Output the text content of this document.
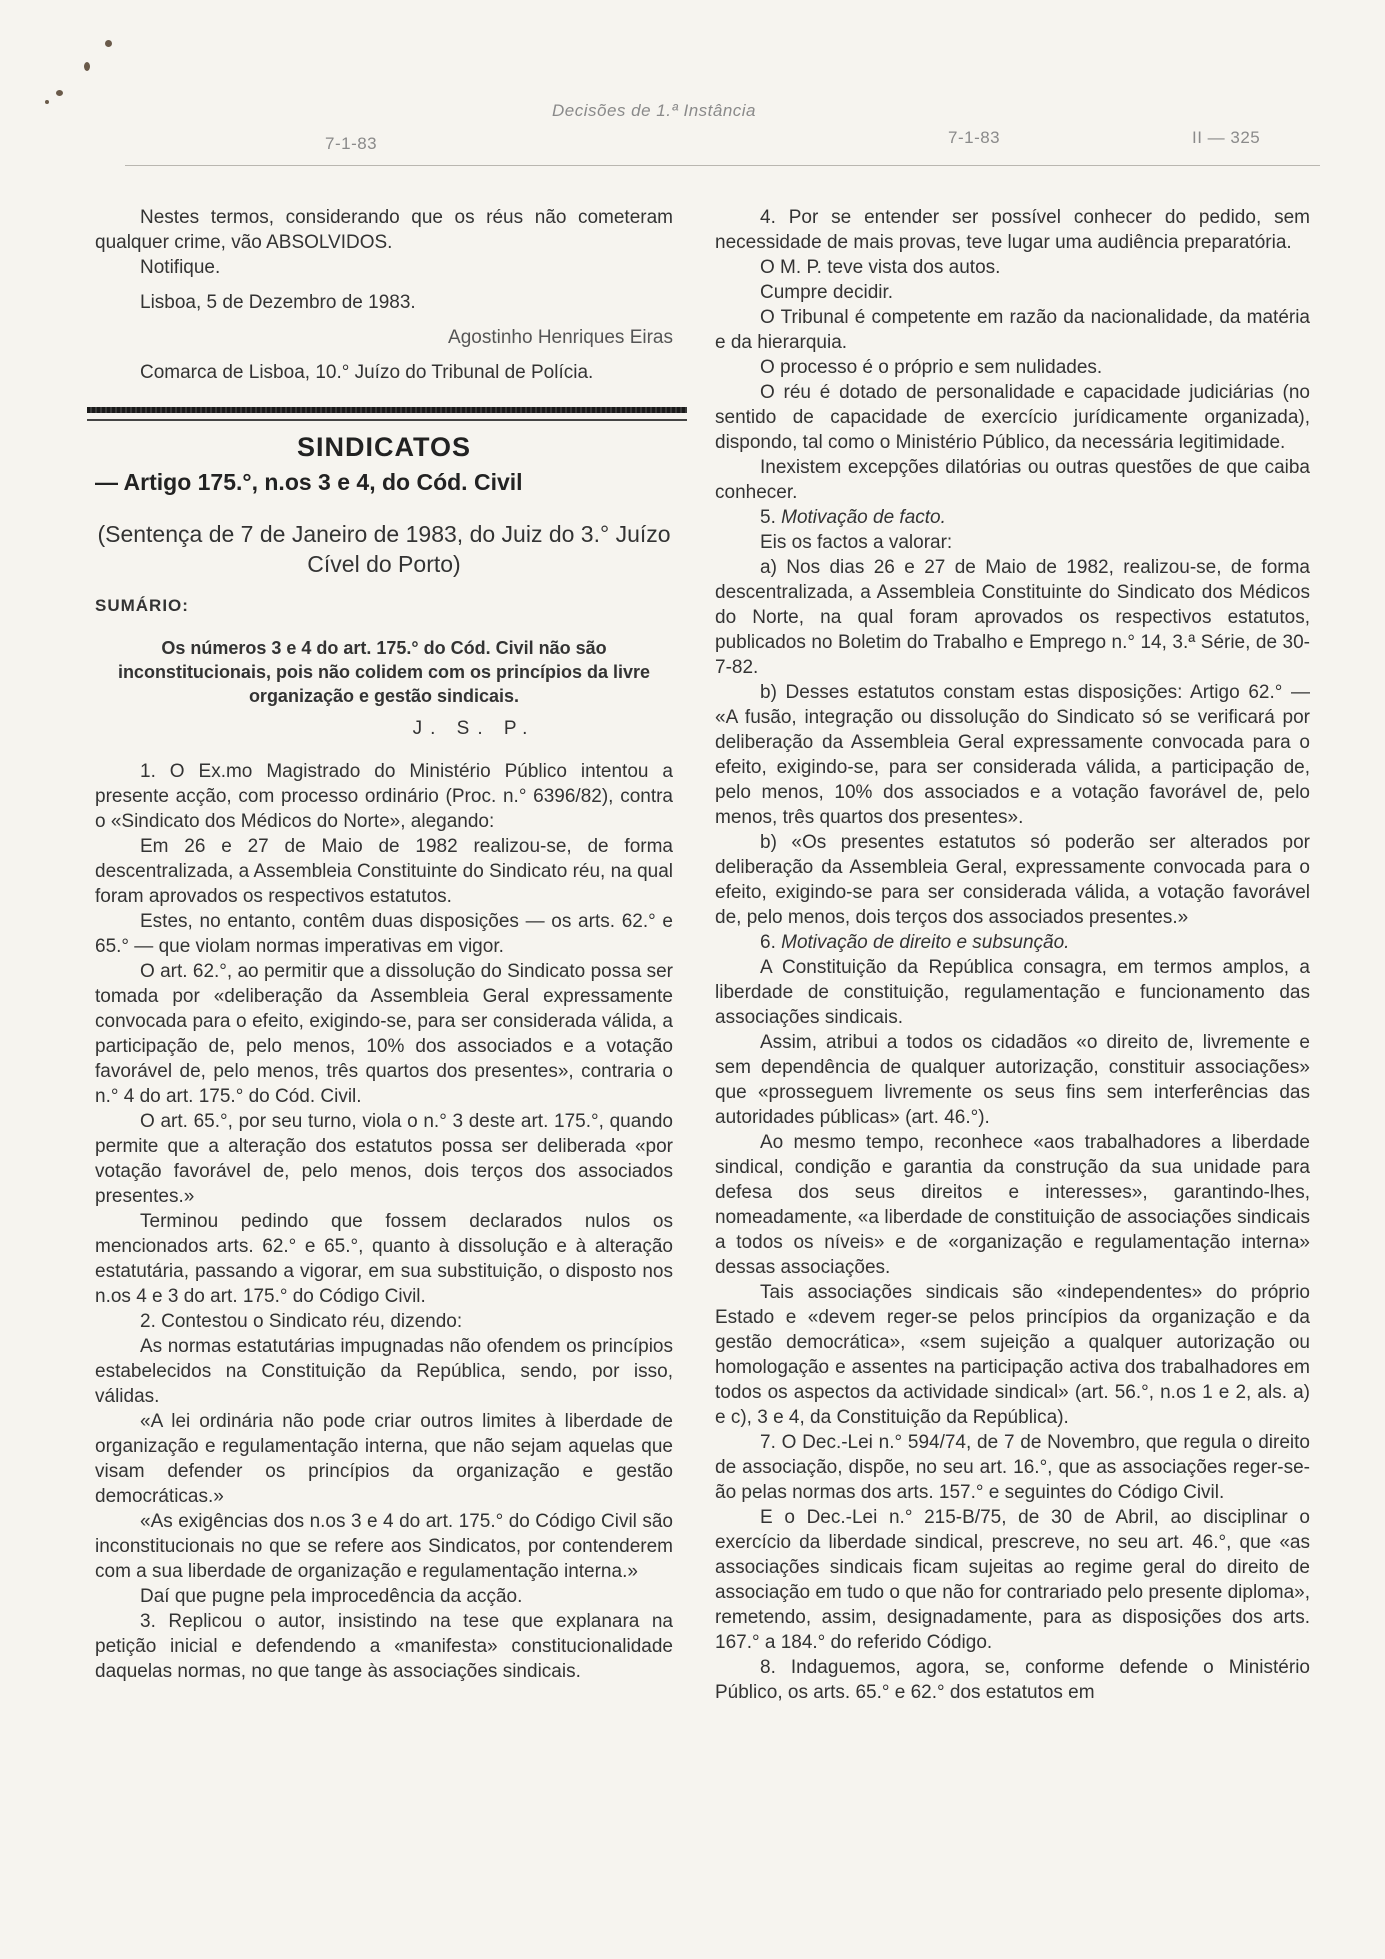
7-1-83
Decisões de 1.ª Instância
7-1-83	II — 325

Nestes termos, considerando que os réus não cometeram qualquer crime, vão ABSOLVIDOS.

Notifique.

Lisboa, 5 de Dezembro de 1983.

Agostinho Henriques Eiras

Comarca de Lisboa, 10.° Juízo do Tribunal de Polícia.

SINDICATOS
— Artigo 175.°, n.os 3 e 4, do Cód. Civil
(Sentença de 7 de Janeiro de 1983, do Juiz do 3.° Juízo Cível do Porto)
SUMÁRIO:
Os números 3 e 4 do art. 175.° do Cód. Civil não são inconstitucionais, pois não colidem com os princípios da livre organização e gestão sindicais.
J. S. P.

1. O Ex.mo Magistrado do Ministério Público intentou a presente acção, com processo ordinário (Proc. n.° 6396/82), contra o «Sindicato dos Médicos do Norte», alegando:

Em 26 e 27 de Maio de 1982 realizou-se, de forma descentralizada, a Assembleia Constituinte do Sindicato réu, na qual foram aprovados os respectivos estatutos.

Estes, no entanto, contêm duas disposições — os arts. 62.° e 65.° — que violam normas imperativas em vigor.

O art. 62.°, ao permitir que a dissolução do Sindicato possa ser tomada por «deliberação da Assembleia Geral expressamente convocada para o efeito, exigindo-se, para ser considerada válida, a participação de, pelo menos, 10% dos associados e a votação favorável de, pelo menos, três quartos dos presentes», contraria o n.° 4 do art. 175.° do Cód. Civil.

O art. 65.°, por seu turno, viola o n.° 3 deste art. 175.°, quando permite que a alteração dos estatutos possa ser deliberada «por votação favorável de, pelo menos, dois terços dos associados presentes.»

Terminou pedindo que fossem declarados nulos os mencionados arts. 62.° e 65.°, quanto à dissolução e à alteração estatutária, passando a vigorar, em sua substituição, o disposto nos n.os 4 e 3 do art. 175.° do Código Civil.

2. Contestou o Sindicato réu, dizendo:

As normas estatutárias impugnadas não ofendem os princípios estabelecidos na Constituição da República, sendo, por isso, válidas.

«A lei ordinária não pode criar outros limites à liberdade de organização e regulamentação interna, que não sejam aquelas que visam defender os princípios da organização e gestão democráticas.»

«As exigências dos n.os 3 e 4 do art. 175.° do Código Civil são inconstitucionais no que se refere aos Sindicatos, por contenderem com a sua liberdade de organização e regulamentação interna.»

Daí que pugne pela improcedência da acção.

3. Replicou o autor, insistindo na tese que explanara na petição inicial e defendendo a «manifesta» constitucionalidade daquelas normas, no que tange às associações sindicais.

4. Por se entender ser possível conhecer do pedido, sem necessidade de mais provas, teve lugar uma audiência preparatória.

O M. P. teve vista dos autos.

Cumpre decidir.

O Tribunal é competente em razão da nacionalidade, da matéria e da hierarquia.

O processo é o próprio e sem nulidades.

O réu é dotado de personalidade e capacidade judiciárias (no sentido de capacidade de exercício jurídicamente organizada), dispondo, tal como o Ministério Público, da necessária legitimidade.

Inexistem excepções dilatórias ou outras questões de que caiba conhecer.

5. Motivação de facto.

Eis os factos a valorar:

a) Nos dias 26 e 27 de Maio de 1982, realizou-se, de forma descentralizada, a Assembleia Constituinte do Sindicato dos Médicos do Norte, na qual foram aprovados os respectivos estatutos, publicados no Boletim do Trabalho e Emprego n.° 14, 3.ª Série, de 30-7-82.

b) Desses estatutos constam estas disposições: Artigo 62.° — «A fusão, integração ou dissolução do Sindicato só se verificará por deliberação da Assembleia Geral expressamente convocada para o efeito, exigindo-se, para ser considerada válida, a participação de, pelo menos, 10% dos associados e a votação favorável de, pelo menos, três quartos dos presentes».

b) «Os presentes estatutos só poderão ser alterados por deliberação da Assembleia Geral, expressamente convocada para o efeito, exigindo-se para ser considerada válida, a votação favorável de, pelo menos, dois terços dos associados presentes.»

6. Motivação de direito e subsunção.

A Constituição da República consagra, em termos amplos, a liberdade de constituição, regulamentação e funcionamento das associações sindicais.

Assim, atribui a todos os cidadãos «o direito de, livremente e sem dependência de qualquer autorização, constituir associações» que «prosseguem livremente os seus fins sem interferências das autoridades públicas» (art. 46.°).

Ao mesmo tempo, reconhece «aos trabalhadores a liberdade sindical, condição e garantia da construção da sua unidade para defesa dos seus direitos e interesses», garantindo-lhes, nomeadamente, «a liberdade de constituição de associações sindicais a todos os níveis» e de «organização e regulamentação interna» dessas associações.

Tais associações sindicais são «independentes» do próprio Estado e «devem reger-se pelos princípios da organização e da gestão democrática», «sem sujeição a qualquer autorização ou homologação e assentes na participação activa dos trabalhadores em todos os aspectos da actividade sindical» (art. 56.°, n.os 1 e 2, als. a) e c), 3 e 4, da Constituição da República).

7. O Dec.-Lei n.° 594/74, de 7 de Novembro, que regula o direito de associação, dispõe, no seu art. 16.°, que as associações reger-se-ão pelas normas dos arts. 157.° e seguintes do Código Civil.

E o Dec.-Lei n.° 215-B/75, de 30 de Abril, ao disciplinar o exercício da liberdade sindical, prescreve, no seu art. 46.°, que «as associações sindicais ficam sujeitas ao regime geral do direito de associação em tudo o que não for contrariado pelo presente diploma», remetendo, assim, designadamente, para as disposições dos arts. 167.° a 184.° do referido Código.

8. Indaguemos, agora, se, conforme defende o Ministério Público, os arts. 65.° e 62.° dos estatutos em
